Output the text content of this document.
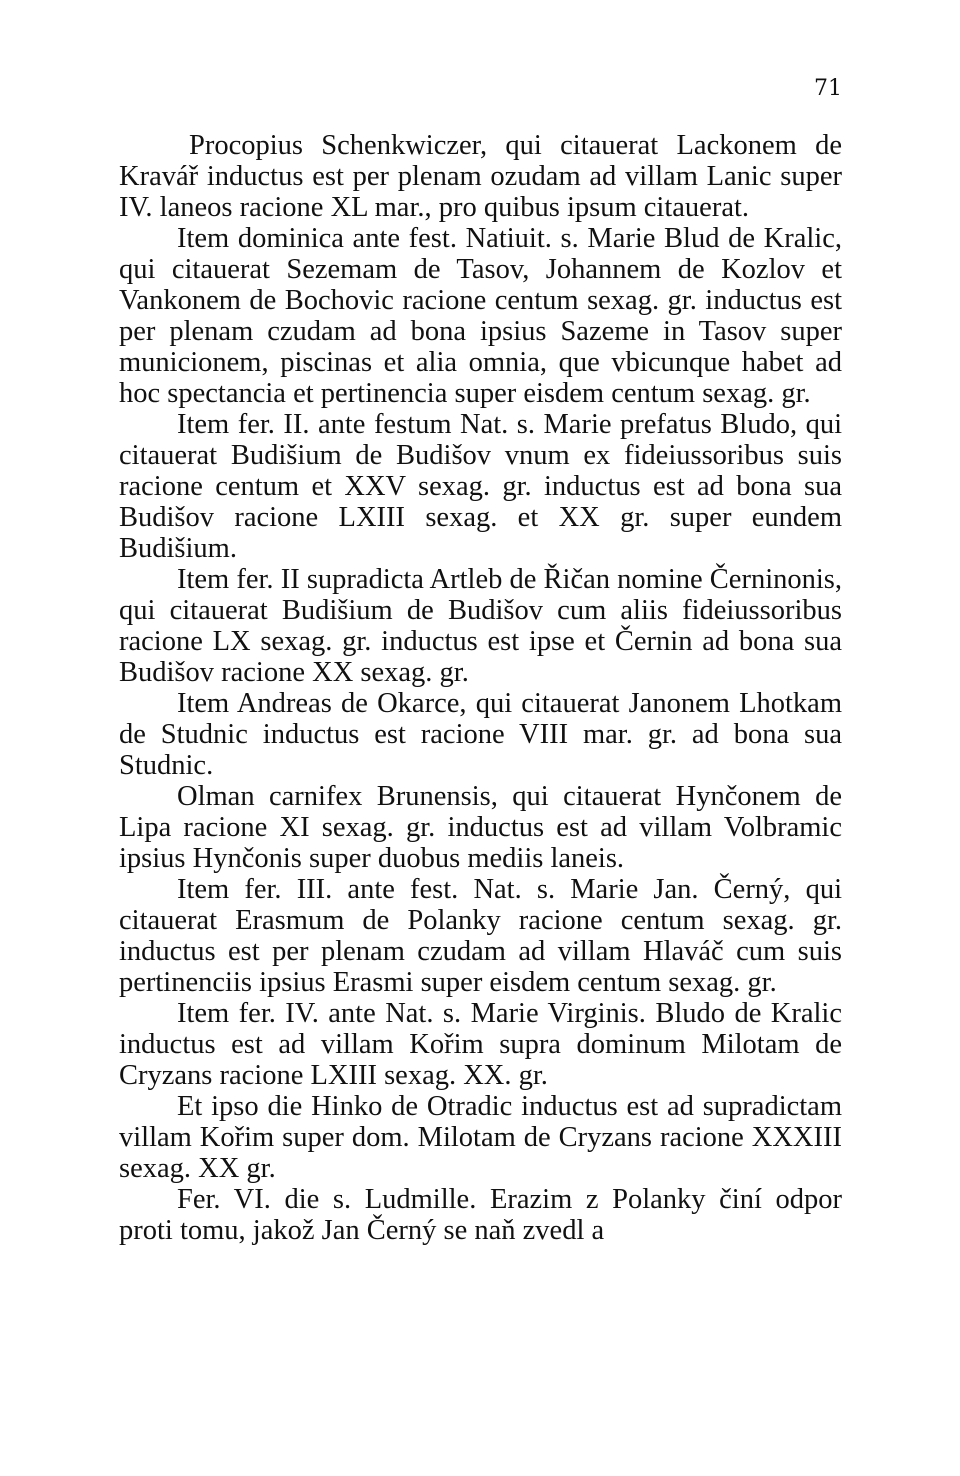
71

Procopius Schenkwiczer, qui citauerat Lackonem de Kravář inductus est per plenam ozudam ad villam Lanic super IV. laneos racione XL mar., pro quibus ipsum citauerat.

Item dominica ante fest. Natiuit. s. Marie Blud de Kralic, qui citauerat Sezemam de Tasov, Johannem de Kozlov et Vankonem de Bochovic racione centum sexag. gr. inductus est per plenam czudam ad bona ipsius Sazeme in Tasov super municionem, piscinas et alia omnia, que vbicunque habet ad hoc spectancia et pertinencia super eisdem centum sexag. gr.

Item fer. II. ante festum Nat. s. Marie prefatus Bludo, qui citauerat Budišium de Budišov vnum ex fideiussoribus suis racione centum et XXV sexag. gr. inductus est ad bona sua Budišov racione LXIII sexag. et XX gr. super eundem Budišium.

Item fer. II supradicta Artleb de Řičan nomine Černinonis, qui citauerat Budišium de Budišov cum aliis fideiussoribus racione LX sexag. gr. inductus est ipse et Černin ad bona sua Budišov racione XX sexag. gr.

Item Andreas de Okarce, qui citauerat Janonem Lhotkam de Studnic inductus est racione VIII mar. gr. ad bona sua Studnic.

Olman carnifex Brunensis, qui citauerat Hynčonem de Lipa racione XI sexag. gr. inductus est ad villam Volbramic ipsius Hynčonis super duobus mediis laneis.

Item fer. III. ante fest. Nat. s. Marie Jan. Černý, qui citauerat Erasmum de Polanky racione centum sexag. gr. inductus est per plenam czudam ad villam Hlaváč cum suis pertinenciis ipsius Erasmi super eisdem centum sexag. gr.

Item fer. IV. ante Nat. s. Marie Virginis. Bludo de Kralic inductus est ad villam Kořim supra dominum Milotam de Cryzans racione LXIII sexag. XX. gr.

Et ipso die Hinko de Otradic inductus est ad supradictam villam Kořim super dom. Milotam de Cryzans racione XXXIII sexag. XX gr.

Fer. VI. die s. Ludmille. Erazim z Polanky činí odpor proti tomu, jakož Jan Černý se naň zvedl a
